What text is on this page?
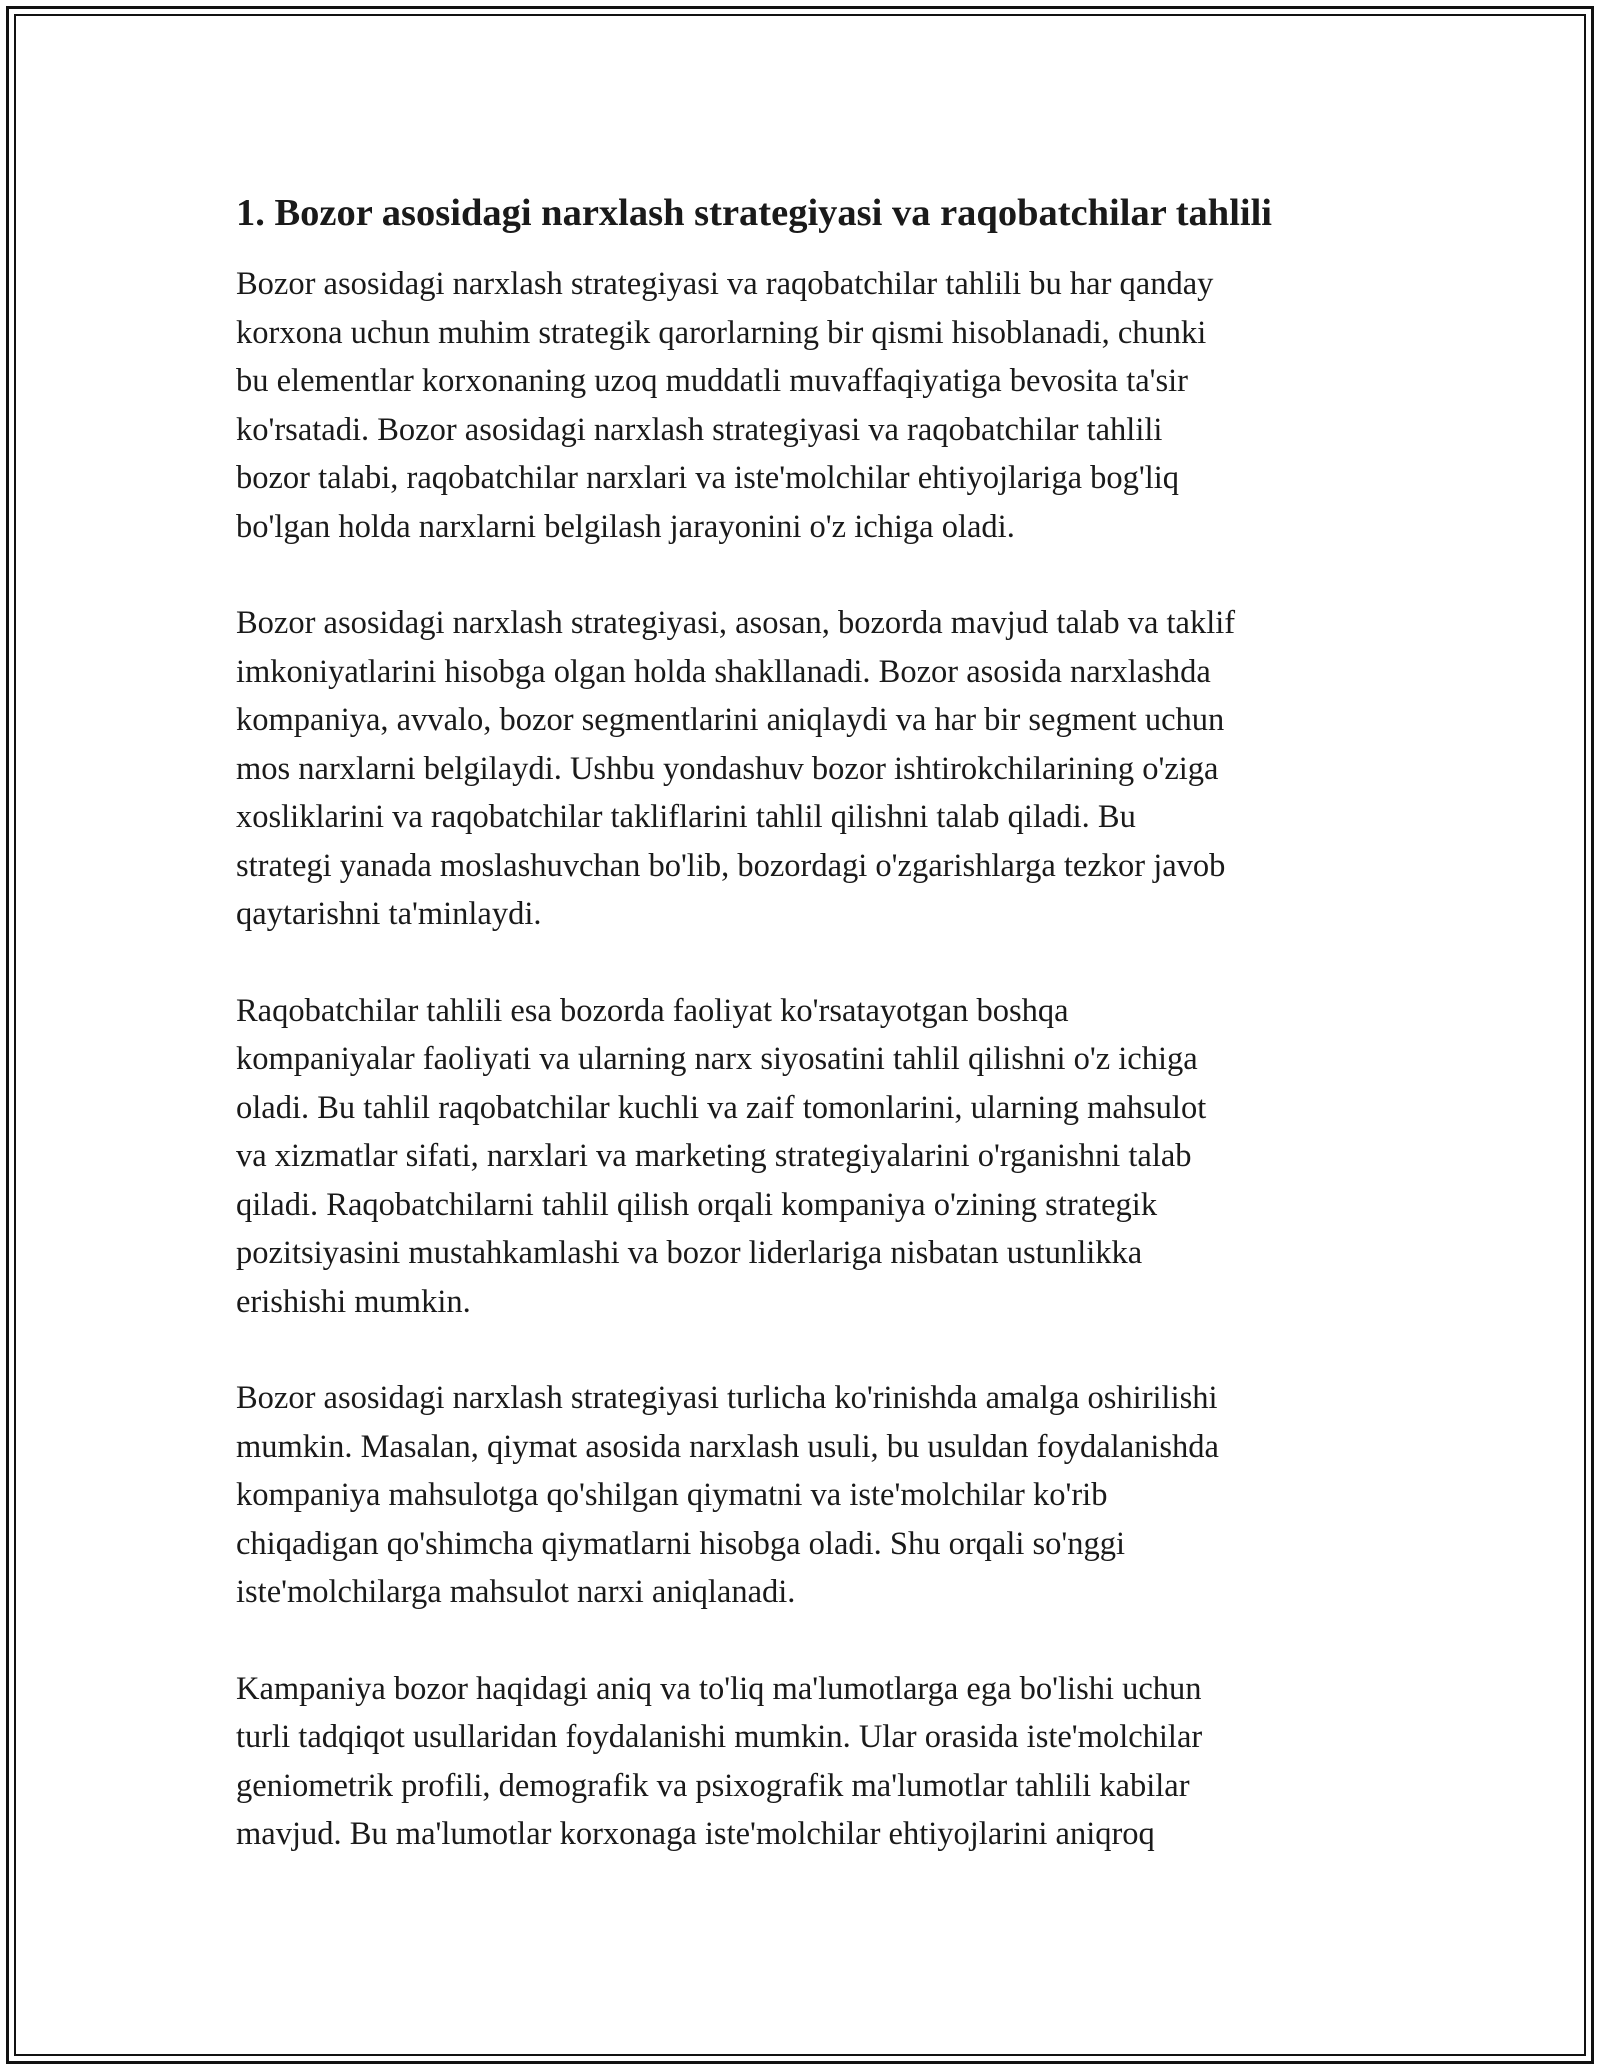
1. Bozor asosidagi narxlash strategiyasi va raqobatchilar tahlili

Bozor asosidagi narxlash strategiyasi va raqobatchilar tahlili bu har qanday
korxona uchun muhim strategik qarorlarning bir qismi hisoblanadi, chunki
bu elementlar korxonaning uzoq muddatli muvaffaqiyatiga bevosita ta'sir
ko'rsatadi. Bozor asosidagi narxlash strategiyasi va raqobatchilar tahlili
bozor talabi, raqobatchilar narxlari va iste'molchilar ehtiyojlariga bog'liq
bo'lgan holda narxlarni belgilash jarayonini o'z ichiga oladi.

Bozor asosidagi narxlash strategiyasi, asosan, bozorda mavjud talab va taklif
imkoniyatlarini hisobga olgan holda shakllanadi. Bozor asosida narxlashda
kompaniya, avvalo, bozor segmentlarini aniqlaydi va har bir segment uchun
mos narxlarni belgilaydi. Ushbu yondashuv bozor ishtirokchilarining o'ziga
xosliklarini va raqobatchilar takliflarini tahlil qilishni talab qiladi. Bu
strategi yanada moslashuvchan bo'lib, bozordagi o'zgarishlarga tezkor javob
qaytarishni ta'minlaydi.

Raqobatchilar tahlili esa bozorda faoliyat ko'rsatayotgan boshqa
kompaniyalar faoliyati va ularning narx siyosatini tahlil qilishni o'z ichiga
oladi. Bu tahlil raqobatchilar kuchli va zaif tomonlarini, ularning mahsulot
va xizmatlar sifati, narxlari va marketing strategiyalarini o'rganishni talab
qiladi. Raqobatchilarni tahlil qilish orqali kompaniya o'zining strategik
pozitsiyasini mustahkamlashi va bozor liderlariga nisbatan ustunlikka
erishishi mumkin.

Bozor asosidagi narxlash strategiyasi turlicha ko'rinishda amalga oshirilishi
mumkin. Masalan, qiymat asosida narxlash usuli, bu usuldan foydalanishda
kompaniya mahsulotga qo'shilgan qiymatni va iste'molchilar ko'rib
chiqadigan qo'shimcha qiymatlarni hisobga oladi. Shu orqali so'nggi
iste'molchilarga mahsulot narxi aniqlanadi.

Kampaniya bozor haqidagi aniq va to'liq ma'lumotlarga ega bo'lishi uchun
turli tadqiqot usullaridan foydalanishi mumkin. Ular orasida iste'molchilar
geniometrik profili, demografik va psixografik ma'lumotlar tahlili kabilar
mavjud. Bu ma'lumotlar korxonaga iste'molchilar ehtiyojlarini aniqroq
